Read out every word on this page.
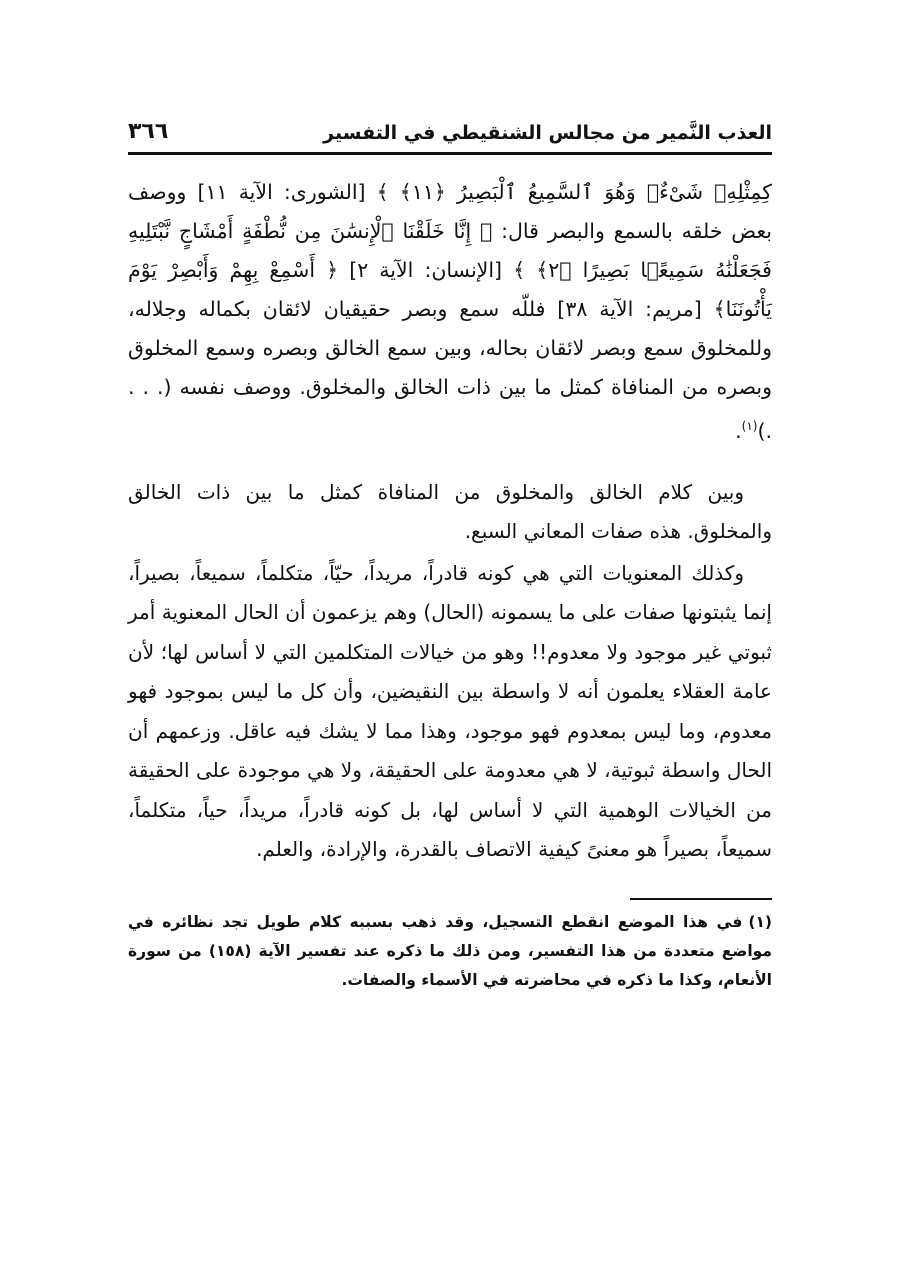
العذب النَّمير من مجالس الشنقيطي في التفسير
٣٦٦
كِمِثْلِهِۦ شَىْءٌۖ وَهُوَ ٱلسَّمِيعُ ٱلْبَصِيرُ ﴿١١﴾ ﴾ [الشورى: الآية ١١] ووصف بعض خلقه بالسمع والبصر قال: ﴿ إِنَّا خَلَقْنَا ٱلْإِنسَٰنَ مِن نُّطْفَةٍ أَمْشَاجٍ نَّبْتَلِيهِ فَجَعَلْنَٰهُ سَمِيعًۢا بَصِيرًا ﴿٢﴾ ﴾ [الإنسان: الآية ٢] ﴿ أَسْمِعْ بِهِمْ وَأَبْصِرْ يَوْمَ يَأْتُونَنَا﴾ [مريم: الآية ٣٨] فللّه سمع وبصر حقيقيان لائقان بكماله وجلاله، وللمخلوق سمع وبصر لائقان بحاله، وبين سمع الخالق وبصره وسمع المخلوق وبصره من المنافاة كمثل ما بين ذات الخالق والمخلوق. ووصف نفسه (. . . .)$^{(١)}$.

وبين كلام الخالق والمخلوق من المنافاة كمثل ما بين ذات الخالق والمخلوق. هذه صفات المعاني السبع.

وكذلك المعنويات التي هي كونه قادراً، مريداً، حيّاً، متكلماً، سميعاً، بصيراً، إنما يثبتونها صفات على ما يسمونه (الحال) وهم يزعمون أن الحال المعنوية أمر ثبوتي غير موجود ولا معدوم!! وهو من خيالات المتكلمين التي لا أساس لها؛ لأن عامة العقلاء يعلمون أنه لا واسطة بين النقيضين، وأن كل ما ليس بموجود فهو معدوم، وما ليس بمعدوم فهو موجود، وهذا مما لا يشك فيه عاقل. وزعمهم أن الحال واسطة ثبوتية، لا هي معدومة على الحقيقة، ولا هي موجودة على الحقيقة من الخيالات الوهمية التي لا أساس لها، بل كونه قادراً، مريداً، حياً، متكلماً، سميعاً، بصيراً هو معنىً كيفية الاتصاف بالقدرة، والإرادة، والعلم.

(١)في هذا الموضع انقطع التسجيل، وقد ذهب بسببه كلام طويل تجد نظائره في مواضع متعددة من هذا التفسير، ومن ذلك ما ذكره عند تفسير الآية (١٥٨) من سورة الأنعام، وكذا ما ذكره في محاضرته في الأسماء والصفات.
